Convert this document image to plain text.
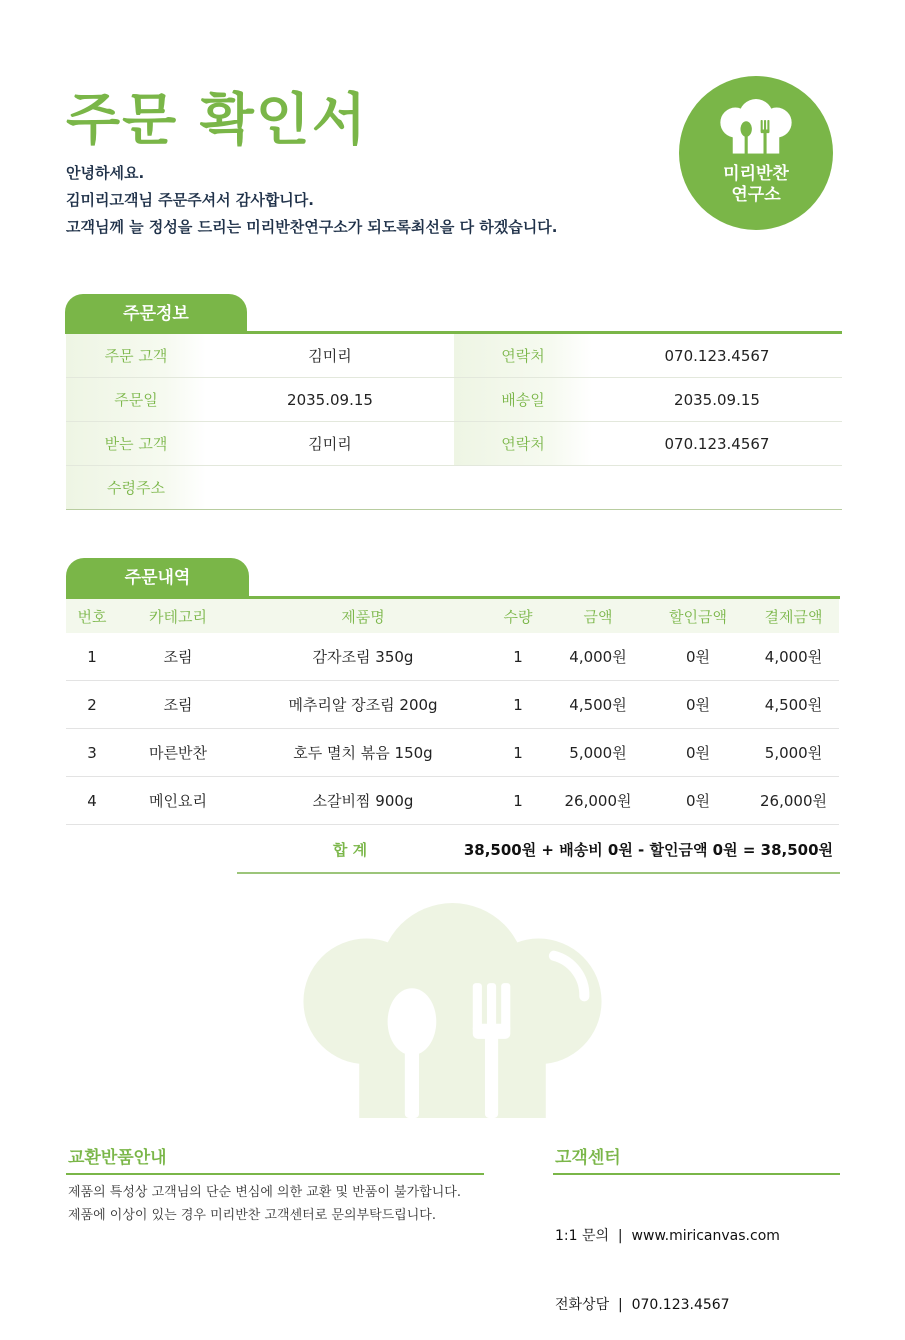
주문 확인서
안녕하세요.
김미리고객님 주문주셔서 감사합니다.
고객님께 늘 정성을 드리는 미리반찬연구소가 되도록최선을 다 하겠습니다.
미리반찬
연구소
주문정보
주문 고객	김미리	연락처	070.123.4567
주문일	2035.09.15	배송일	2035.09.15
받는 고객	김미리	연락처	070.123.4567
수령주소			
주문내역
번호	카테고리	제품명	수량	금액	할인금액	결제금액
1	조림	감자조림 350g	1	4,000원	0원	4,000원
2	조림	메추리알 장조림 200g	1	4,500원	0원	4,500원
3	마른반찬	호두 멸치 볶음 150g	1	5,000원	0원	5,000원
4	메인요리	소갈비찜 900g	1	26,000원	0원	26,000원
합 계	38,500원 + 배송비 0원 - 할인금액 0원 = 38,500원
교환반품안내
제품의 특성상 고객님의 단순 변심에 의한 교환 및 반품이 불가합니다.
제품에 이상이 있는 경우 미리반찬 고객센터로 문의부탁드립니다.
고객센터

1:1 문의  |  www.miricanvas.com

전화상담  |  070.123.4567
